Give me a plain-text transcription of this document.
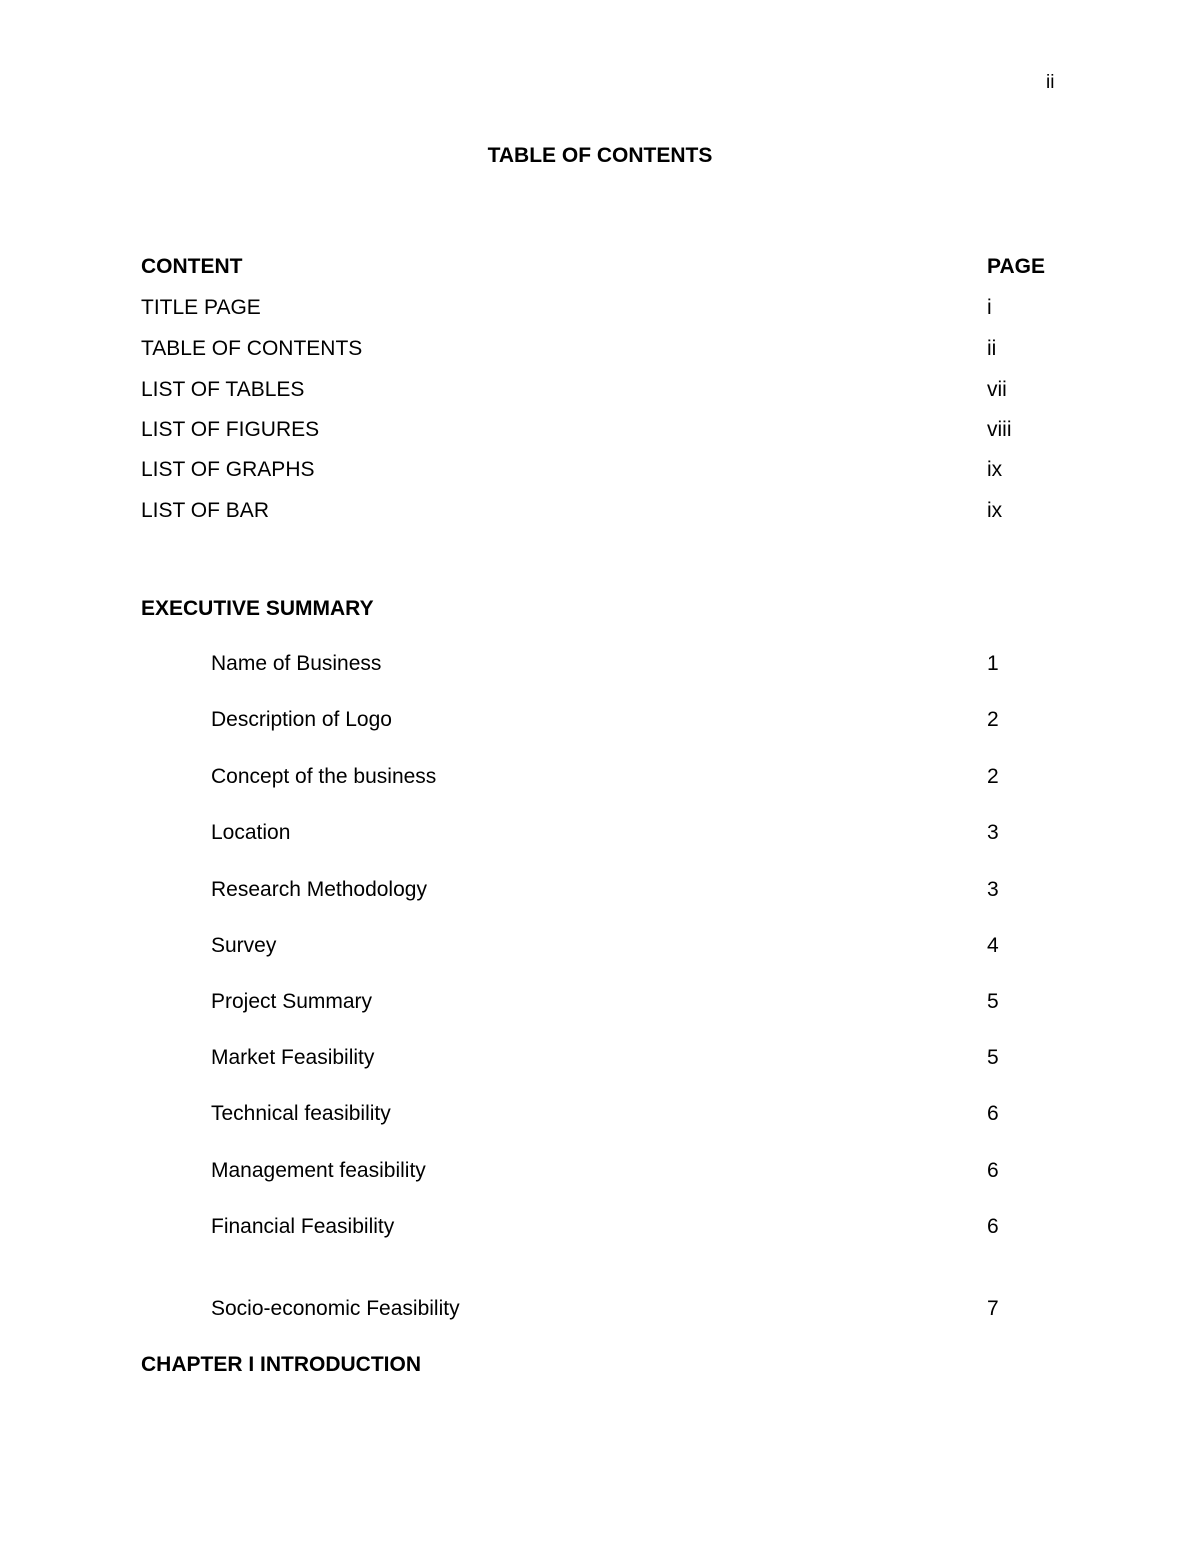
ii
TABLE OF CONTENTS
CONTENT	PAGE
TITLE PAGE	i
TABLE OF CONTENTS	ii
LIST OF TABLES	vii
LIST OF FIGURES	viii
LIST OF GRAPHS	ix
LIST OF BAR	ix
EXECUTIVE SUMMARY
Name of Business	1
Description of Logo	2
Concept of the business	2
Location	3
Research Methodology	3
Survey	4
Project Summary	5
Market Feasibility	5
Technical feasibility	6
Management feasibility	6
Financial Feasibility	6
Socio-economic Feasibility	7
CHAPTER I INTRODUCTION
